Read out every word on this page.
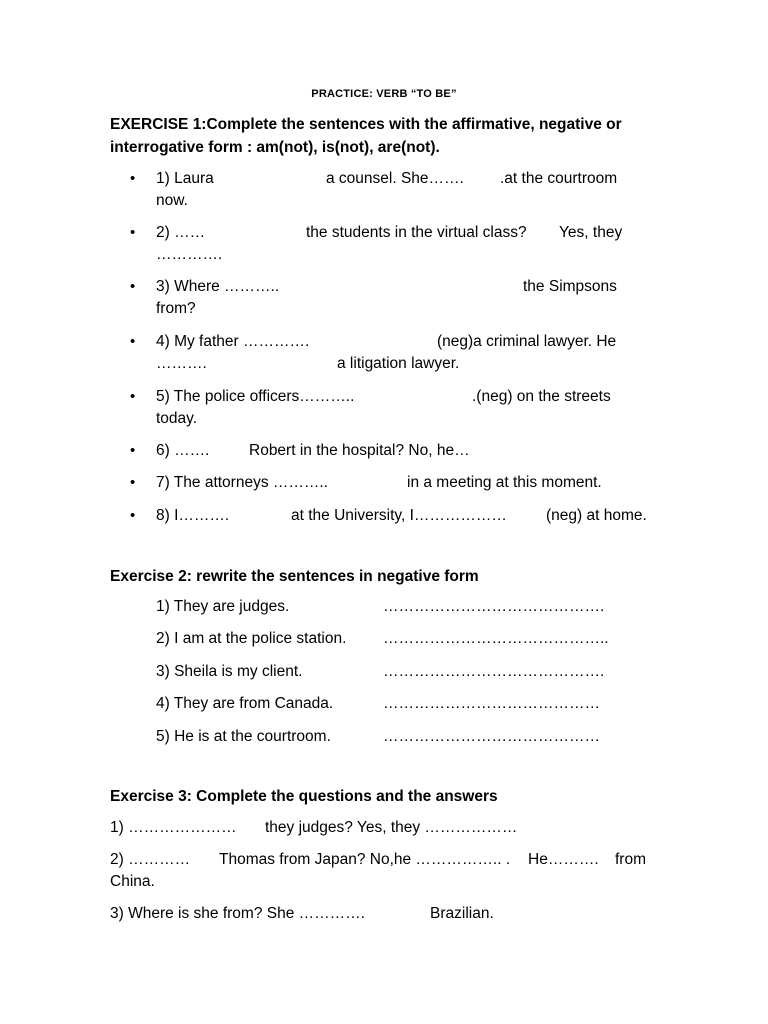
PRACTICE: VERB “TO BE”
EXERCISE 1:Complete the sentences with the affirmative, negative or
interrogative form : am(not), is(not), are(not).
• 1) Laura	a counsel. She……. .at the courtroom
now.
• 2) ……	the students in the virtual class? Yes, they
………….
• 3) Where ………..	the Simpsons
from?
• 4) My father ………….	(neg)a criminal lawyer. He
……….	a litigation lawyer.
• 5) The police officers………..	.(neg) on the streets
today.
• 6) …….	Robert in the hospital? No, he…
• 7) The attorneys ………..	in a meeting at this moment.
• 8) I……….	at the University, I………………	(neg) at home.
Exercise 2: rewrite the sentences in negative form
1) They are judges.	…………………………………….
2) I am at the police station. ……………………………………..
3) Sheila is my client.	…………………………………….
4) They are from Canada.	……………………………………
5) He is at the courtroom.	……………………………………
Exercise 3: Complete the questions and the answers
1) ………………… they judges? Yes, they ………………
2) ………… Thomas from Japan? No,he …………….. . He………. from
China.
3) Where is she from? She ………….	Brazilian.
